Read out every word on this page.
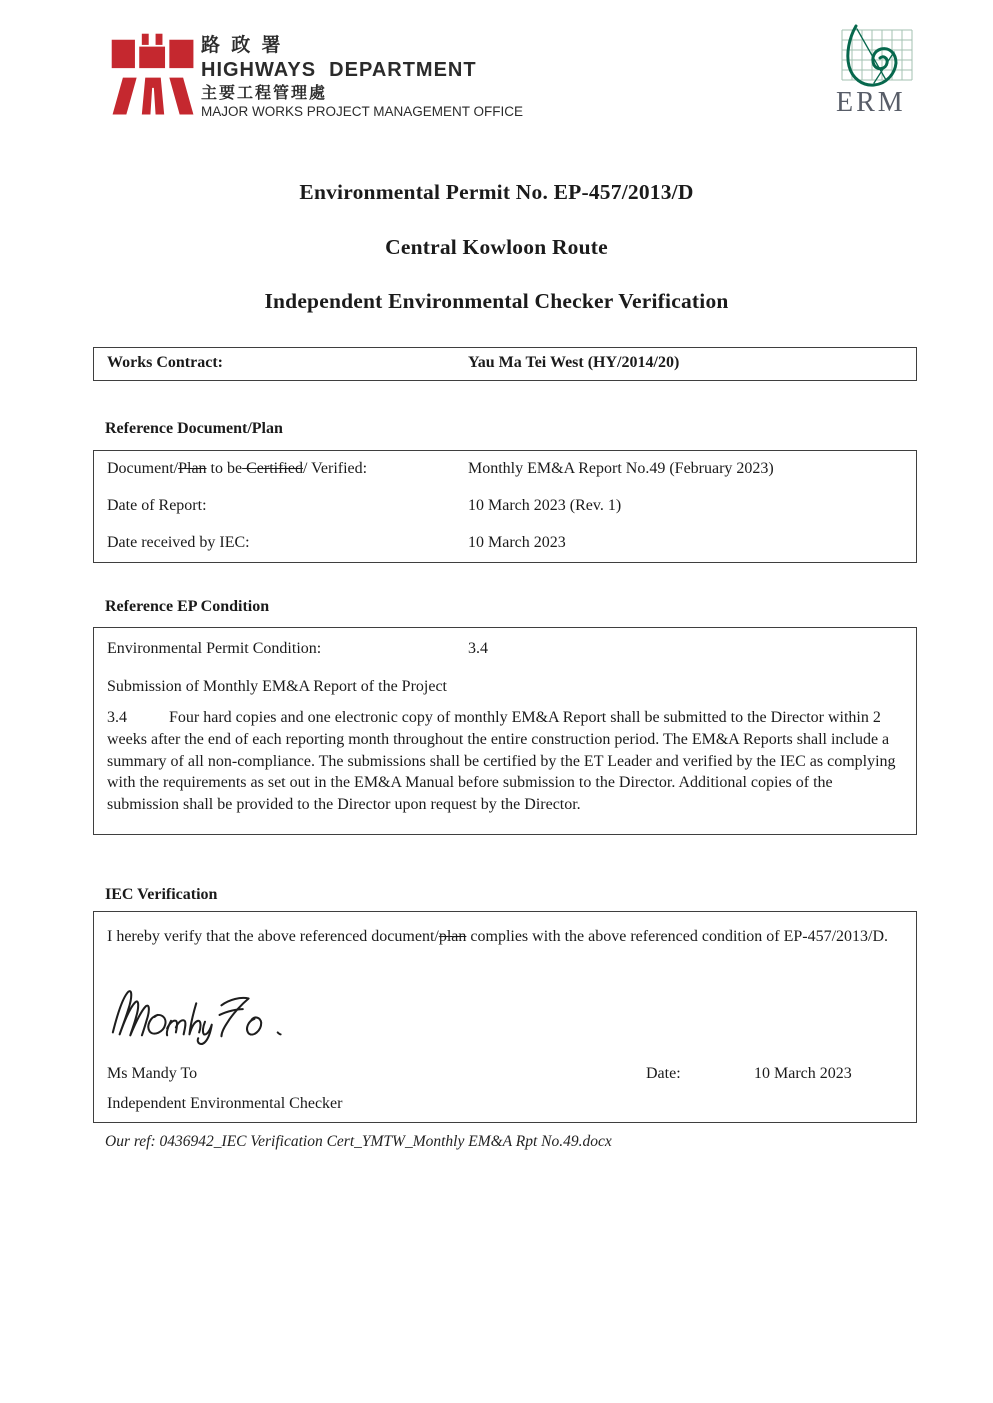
路 政 署
HIGHWAYS  DEPARTMENT
主要工程管理處
MAJOR WORKS PROJECT MANAGEMENT OFFICE	ERM
Environmental Permit No. EP-457/2013/D
Central Kowloon Route
Independent Environmental Checker Verification
Works Contract:	Yau Ma Tei West (HY/2014/20)
Reference Document/Plan
Document/Plan to be Certified/ Verified:	Monthly EM&A Report No.49 (February 2023)
Date of Report:	10 March 2023 (Rev. 1)
Date received by IEC:	10 March 2023
Reference EP Condition
Environmental Permit Condition:	3.4
Submission of Monthly EM&A Report of the Project
3.4	Four hard copies and one electronic copy of monthly EM&A Report shall be submitted to the Director within 2 weeks after the end of each reporting month throughout the entire construction period. The EM&A Reports shall include a summary of all non-compliance. The submissions shall be certified by the ET Leader and verified by the IEC as complying with the requirements as set out in the EM&A Manual before submission to the Director. Additional copies of the submission shall be provided to the Director upon request by the Director.
IEC Verification
I hereby verify that the above referenced document/plan complies with the above referenced condition of EP-457/2013/D.
Ms Mandy To	Date:	10 March 2023
Independent Environmental Checker
Our ref: 0436942_IEC Verification Cert_YMTW_Monthly EM&A Rpt No.49.docx
